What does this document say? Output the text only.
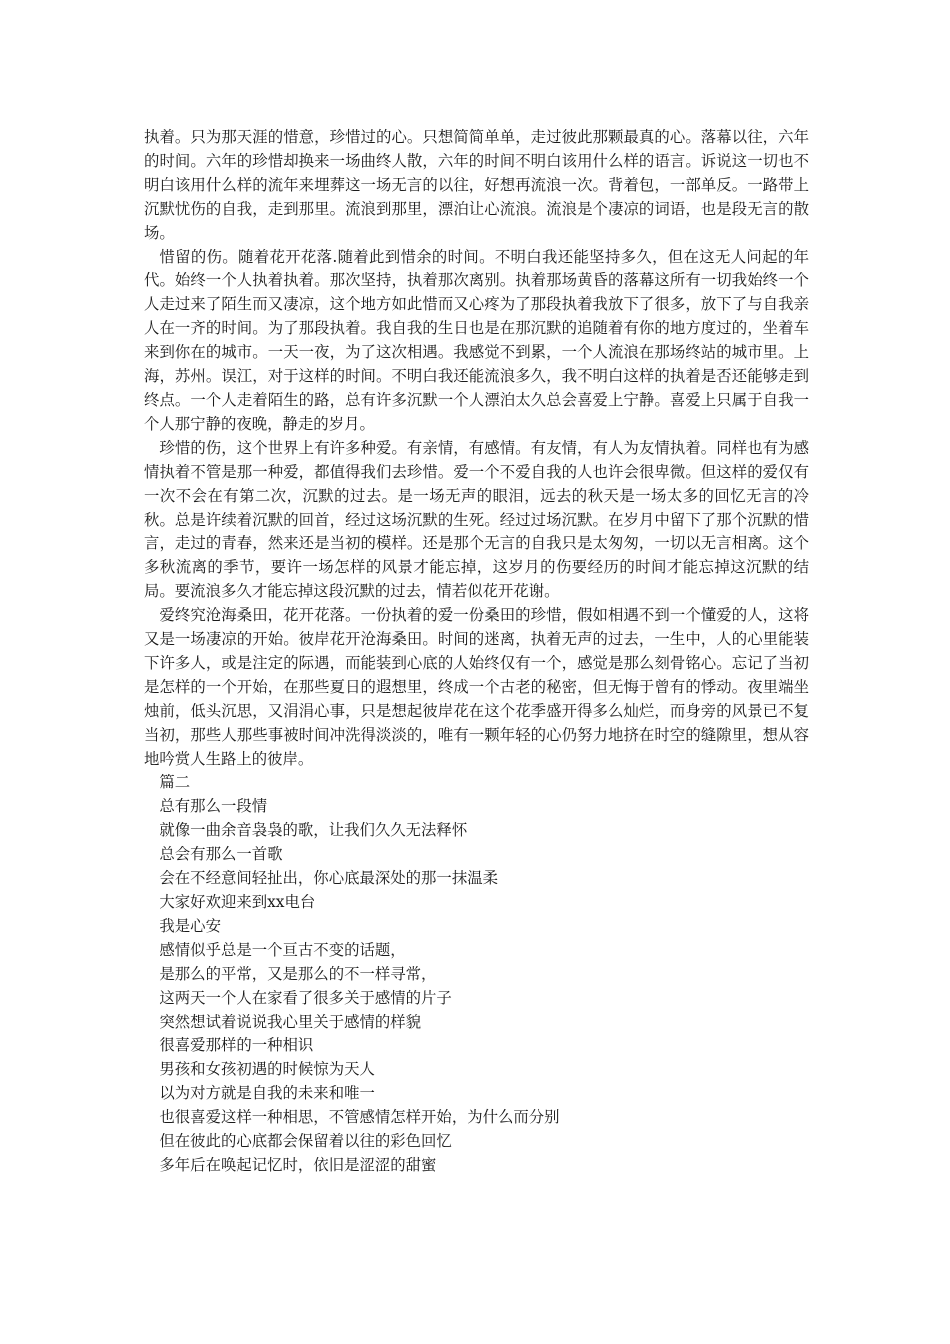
执着。只为那天涯的惜意，珍惜过的心。只想简简单单，走过彼此那颗最真的心。落幕以往，六年的时间。六年的珍惜却换来一场曲终人散，六年的时间不明白该用什么样的语言。诉说这一切也不明白该用什么样的流年来埋葬这一场无言的以往，好想再流浪一次。背着包，一部单反。一路带上沉默忧伤的自我，走到那里。流浪到那里，漂泊让心流浪。流浪是个凄凉的词语，也是段无言的散场。

惜留的伤。随着花开花落.随着此到惜余的时间。不明白我还能坚持多久，但在这无人问起的年代。始终一个人执着执着。那次坚持，执着那次离别。执着那场黄昏的落幕这所有一切我始终一个人走过来了陌生而又凄凉，这个地方如此惜而又心疼为了那段执着我放下了很多，放下了与自我亲人在一齐的时间。为了那段执着。我自我的生日也是在那沉默的追随着有你的地方度过的，坐着车来到你在的城市。一天一夜，为了这次相遇。我感觉不到累，一个人流浪在那场终站的城市里。上海，苏州。误江，对于这样的时间。不明白我还能流浪多久，我不明白这样的执着是否还能够走到终点。一个人走着陌生的路，总有许多沉默一个人漂泊太久总会喜爱上宁静。喜爱上只属于自我一个人那宁静的夜晚，静走的岁月。

珍惜的伤，这个世界上有许多种爱。有亲情，有感情。有友情，有人为友情执着。同样也有为感情执着不管是那一种爱，都值得我们去珍惜。爱一个不爱自我的人也许会很卑微。但这样的爱仅有一次不会在有第二次，沉默的过去。是一场无声的眼泪，远去的秋天是一场太多的回忆无言的冷秋。总是许续着沉默的回首，经过这场沉默的生死。经过过场沉默。在岁月中留下了那个沉默的惜言，走过的青春，然来还是当初的模样。还是那个无言的自我只是太匆匆，一切以无言相离。这个多秋流离的季节，要许一场怎样的风景才能忘掉，这岁月的伤要经历的时间才能忘掉这沉默的结局。要流浪多久才能忘掉这段沉默的过去，情若似花开花谢。

爱终究沧海桑田，花开花落。一份执着的爱一份桑田的珍惜，假如相遇不到一个懂爱的人，这将又是一场凄凉的开始。彼岸花开沧海桑田。时间的迷离，执着无声的过去，一生中，人的心里能装下许多人，或是注定的际遇，而能装到心底的人始终仅有一个，感觉是那么刻骨铭心。忘记了当初是怎样的一个开始，在那些夏日的遐想里，终成一个古老的秘密，但无悔于曾有的悸动。夜里端坐烛前，低头沉思，又涓涓心事，只是想起彼岸花在这个花季盛开得多么灿烂，而身旁的风景已不复当初，那些人那些事被时间冲洗得淡淡的，唯有一颗年轻的心仍努力地挤在时空的缝隙里，想从容地吟赏人生路上的彼岸。

篇二
总有那么一段情
就像一曲余音袅袅的歌，让我们久久无法释怀
总会有那么一首歌
会在不经意间轻扯出，你心底最深处的那一抹温柔
大家好欢迎来到xx电台
我是心安
感情似乎总是一个亘古不变的话题，
是那么的平常，又是那么的不一样寻常，
这两天一个人在家看了很多关于感情的片子
突然想试着说说我心里关于感情的样貌
很喜爱那样的一种相识
男孩和女孩初遇的时候惊为天人
以为对方就是自我的未来和唯一
也很喜爱这样一种相思，不管感情怎样开始，为什么而分别
但在彼此的心底都会保留着以往的彩色回忆
多年后在唤起记忆时，依旧是涩涩的甜蜜
